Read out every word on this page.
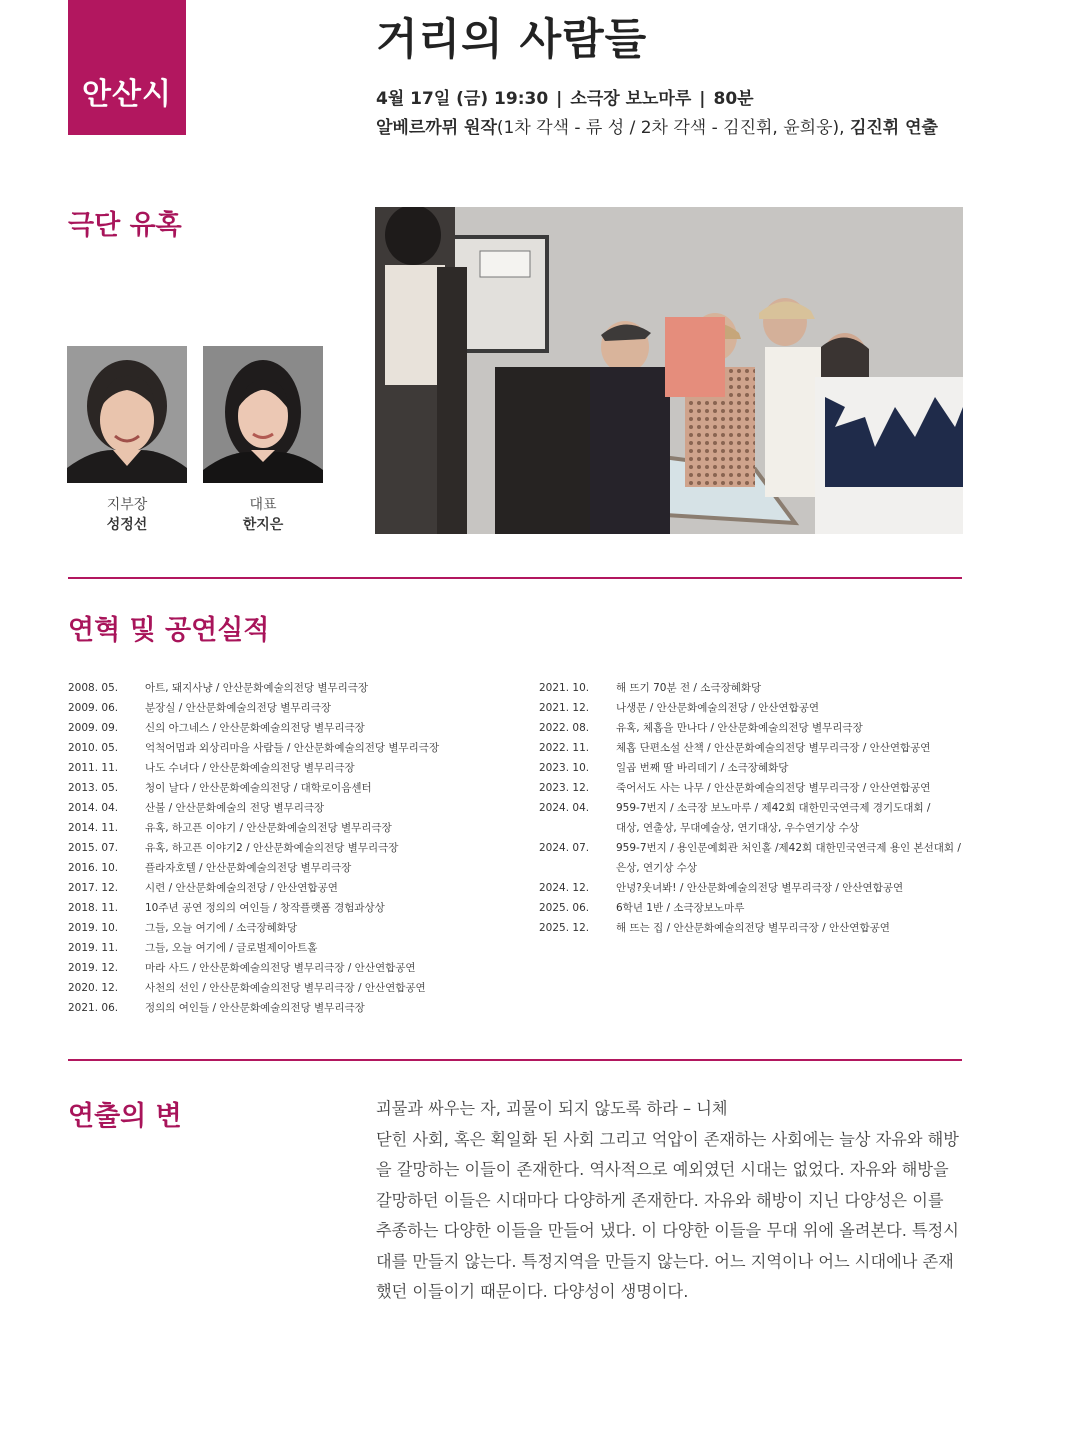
안산시
거리의 사람들
4월 17일 (금) 19:30 | 소극장 보노마루 | 80분
알베르까뮈 원작(1차 각색 - 류 성 / 2차 각색 - 김진휘, 윤희웅), 김진휘 연출
극단 유혹
지부장
성정선
대표
한지은
연혁 및 공연실적
2008. 05.	아트, 돼지사냥 / 안산문화예술의전당 별무리극장
2009. 06.	분장실 / 안산문화예술의전당 별무리극장
2009. 09.	신의 아그네스 / 안산문화예술의전당 별무리극장
2010. 05.	억척어멈과 외상리마을 사람들 / 안산문화예술의전당 별무리극장
2011. 11.	나도 수녀다 / 안산문화예술의전당 별무리극장
2013. 05.	청이 날다 / 안산문화예술의전당 / 대학로이음센터
2014. 04.	산불 / 안산문화예술의 전당 별무리극장
2014. 11.	유혹, 하고픈 이야기 / 안산문화예술의전당 별무리극장
2015. 07.	유혹, 하고픈 이야기2 / 안산문화예술의전당 별무리극장
2016. 10.	플라자호텔 / 안산문화예술의전당 별무리극장
2017. 12.	시련 / 안산문화예술의전당 / 안산연합공연
2018. 11.	10주년 공연 정의의 여인들 / 창작플랫폼 경험과상상
2019. 10.	그들, 오늘 여기에 / 소극장혜화당
2019. 11.	그들, 오늘 여기에 / 글로벌제이아트홀
2019. 12.	마라 사드 / 안산문화예술의전당 별무리극장 / 안산연합공연
2020. 12.	사천의 선인 / 안산문화예술의전당 별무리극장 / 안산연합공연
2021. 06.	정의의 여인들 / 안산문화예술의전당 별무리극장
2021. 10.	해 뜨기 70분 전 / 소극장혜화당
2021. 12.	나생문 / 안산문화예술의전당 / 안산연합공연
2022. 08.	유혹, 체홉을 만나다 / 안산문화예술의전당 별무리극장
2022. 11.	체홉 단편소설 산책 / 안산문화예술의전당 별무리극장 / 안산연합공연
2023. 10.	일곱 번째 딸 바리데기 / 소극장혜화당
2023. 12.	죽어서도 사는 나무 / 안산문화예술의전당 별무리극장 / 안산연합공연
2024. 04.	959-7번지 / 소극장 보노마루 / 제42회 대한민국연극제 경기도대회 /
대상, 연출상, 무대예술상, 연기대상, 우수연기상 수상
2024. 07.	959-7번지 / 용인문예회관 처인홀 /제42회 대한민국연극제 용인 본선대회 /
은상, 연기상 수상
2024. 12.	안녕?웃녀봐! / 안산문화예술의전당 별무리극장 / 안산연합공연
2025. 06.	6학년 1반 / 소극장보노마루
2025. 12.	해 뜨는 집 / 안산문화예술의전당 별무리극장 / 안산연합공연
연출의 변	괴물과 싸우는 자, 괴물이 되지 않도록 하라 – 니체

닫힌 사회, 혹은 획일화 된 사회 그리고 억압이 존재하는 사회에는 늘상 자유와 해방

을 갈망하는 이들이 존재한다. 역사적으로 예외였던 시대는 없었다. 자유와 해방을

갈망하던 이들은 시대마다 다양하게 존재한다. 자유와 해방이 지닌 다양성은 이를

추종하는 다양한 이들을 만들어 냈다. 이 다양한 이들을 무대 위에 올려본다. 특정시

대를 만들지 않는다. 특정지역을 만들지 않는다. 어느 지역이나 어느 시대에나 존재

했던 이들이기 때문이다. 다양성이 생명이다.
